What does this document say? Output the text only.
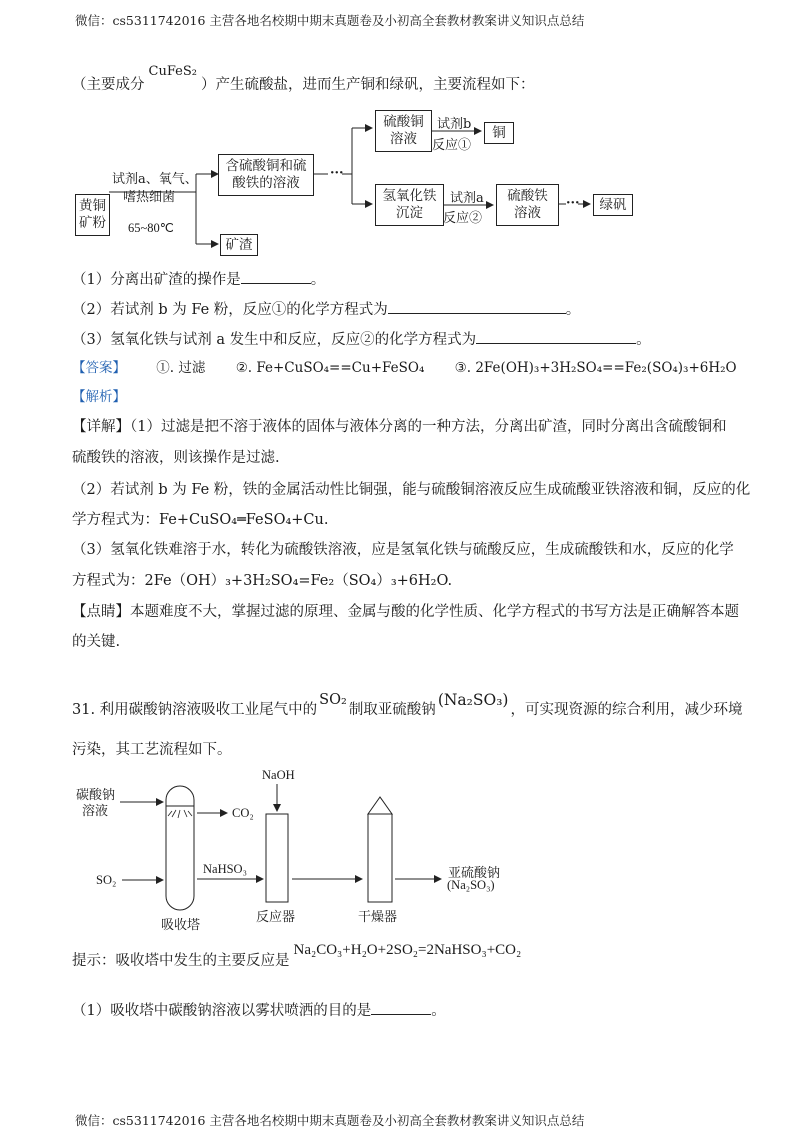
微信：cs5311742016 主营各地名校期中期末真题卷及小初高全套教材教案讲义知识点总结
微信：cs5311742016 主营各地名校期中期末真题卷及小初高全套教材教案讲义知识点总结
（主要成分CuFeS₂）产生硫酸盐，进而生产铜和绿矾，主要流程如下：
黄铜矿粉
试剂a、氧气、
嗜热细菌
65~80℃
含硫酸铜和硫酸铁的溶液
···
矿渣
硫酸铜溶液
试剂b
反应①
铜
氢氧化铁沉淀
试剂a
反应②
硫酸铁溶液
··· 绿矾
（1）分离出矿渣的操作是	。
（2）若试剂 b 为 Fe 粉，反应①的化学方程式为	。
（3）氢氧化铁与试剂 a 发生中和反应，反应②的化学方程式为	。
【答案】 ①. 过滤 ②. Fe+CuSO₄==Cu+FeSO₄ ③. 2Fe(OH)₃+3H₂SO₄==Fe₂(SO₄)₃+6H₂O
【解析】
【详解】（1）过滤是把不溶于液体的固体与液体分离的一种方法，分离出矿渣，同时分离出含硫酸铜和
硫酸铁的溶液，则该操作是过滤.
（2）若试剂 b 为 Fe 粉，铁的金属活动性比铜强，能与硫酸铜溶液反应生成硫酸亚铁溶液和铜，反应的化
学方程式为：Fe+CuSO₄═FeSO₄+Cu.
（3）氢氧化铁难溶于水，转化为硫酸铁溶液，应是氢氧化铁与硫酸反应，生成硫酸铁和水，反应的化学
方程式为：2Fe（OH）₃+3H₂SO₄=Fe₂（SO₄）₃+6H₂O.
【点睛】本题难度不大，掌握过滤的原理、金属与酸的化学性质、化学方程式的书写方法是正确解答本题
的关键.
31. 利用碳酸钠溶液吸收工业尾气中的SO₂制取亚硫酸钠(Na₂SO₃)，可实现资源的综合利用，减少环境
污染，其工艺流程如下。
碳酸钠
溶液	CO₂
NaOH
NaHSO₃
SO₂	亚硫酸钠
(Na₂SO₃)
吸收塔
反应器	干燥器
提示：吸收塔中发生的主要反应是Na₂CO₃+H₂O+2SO₂=2NaHSO₃+CO₂
（1）吸收塔中碳酸钠溶液以雾状喷洒的目的是	。
